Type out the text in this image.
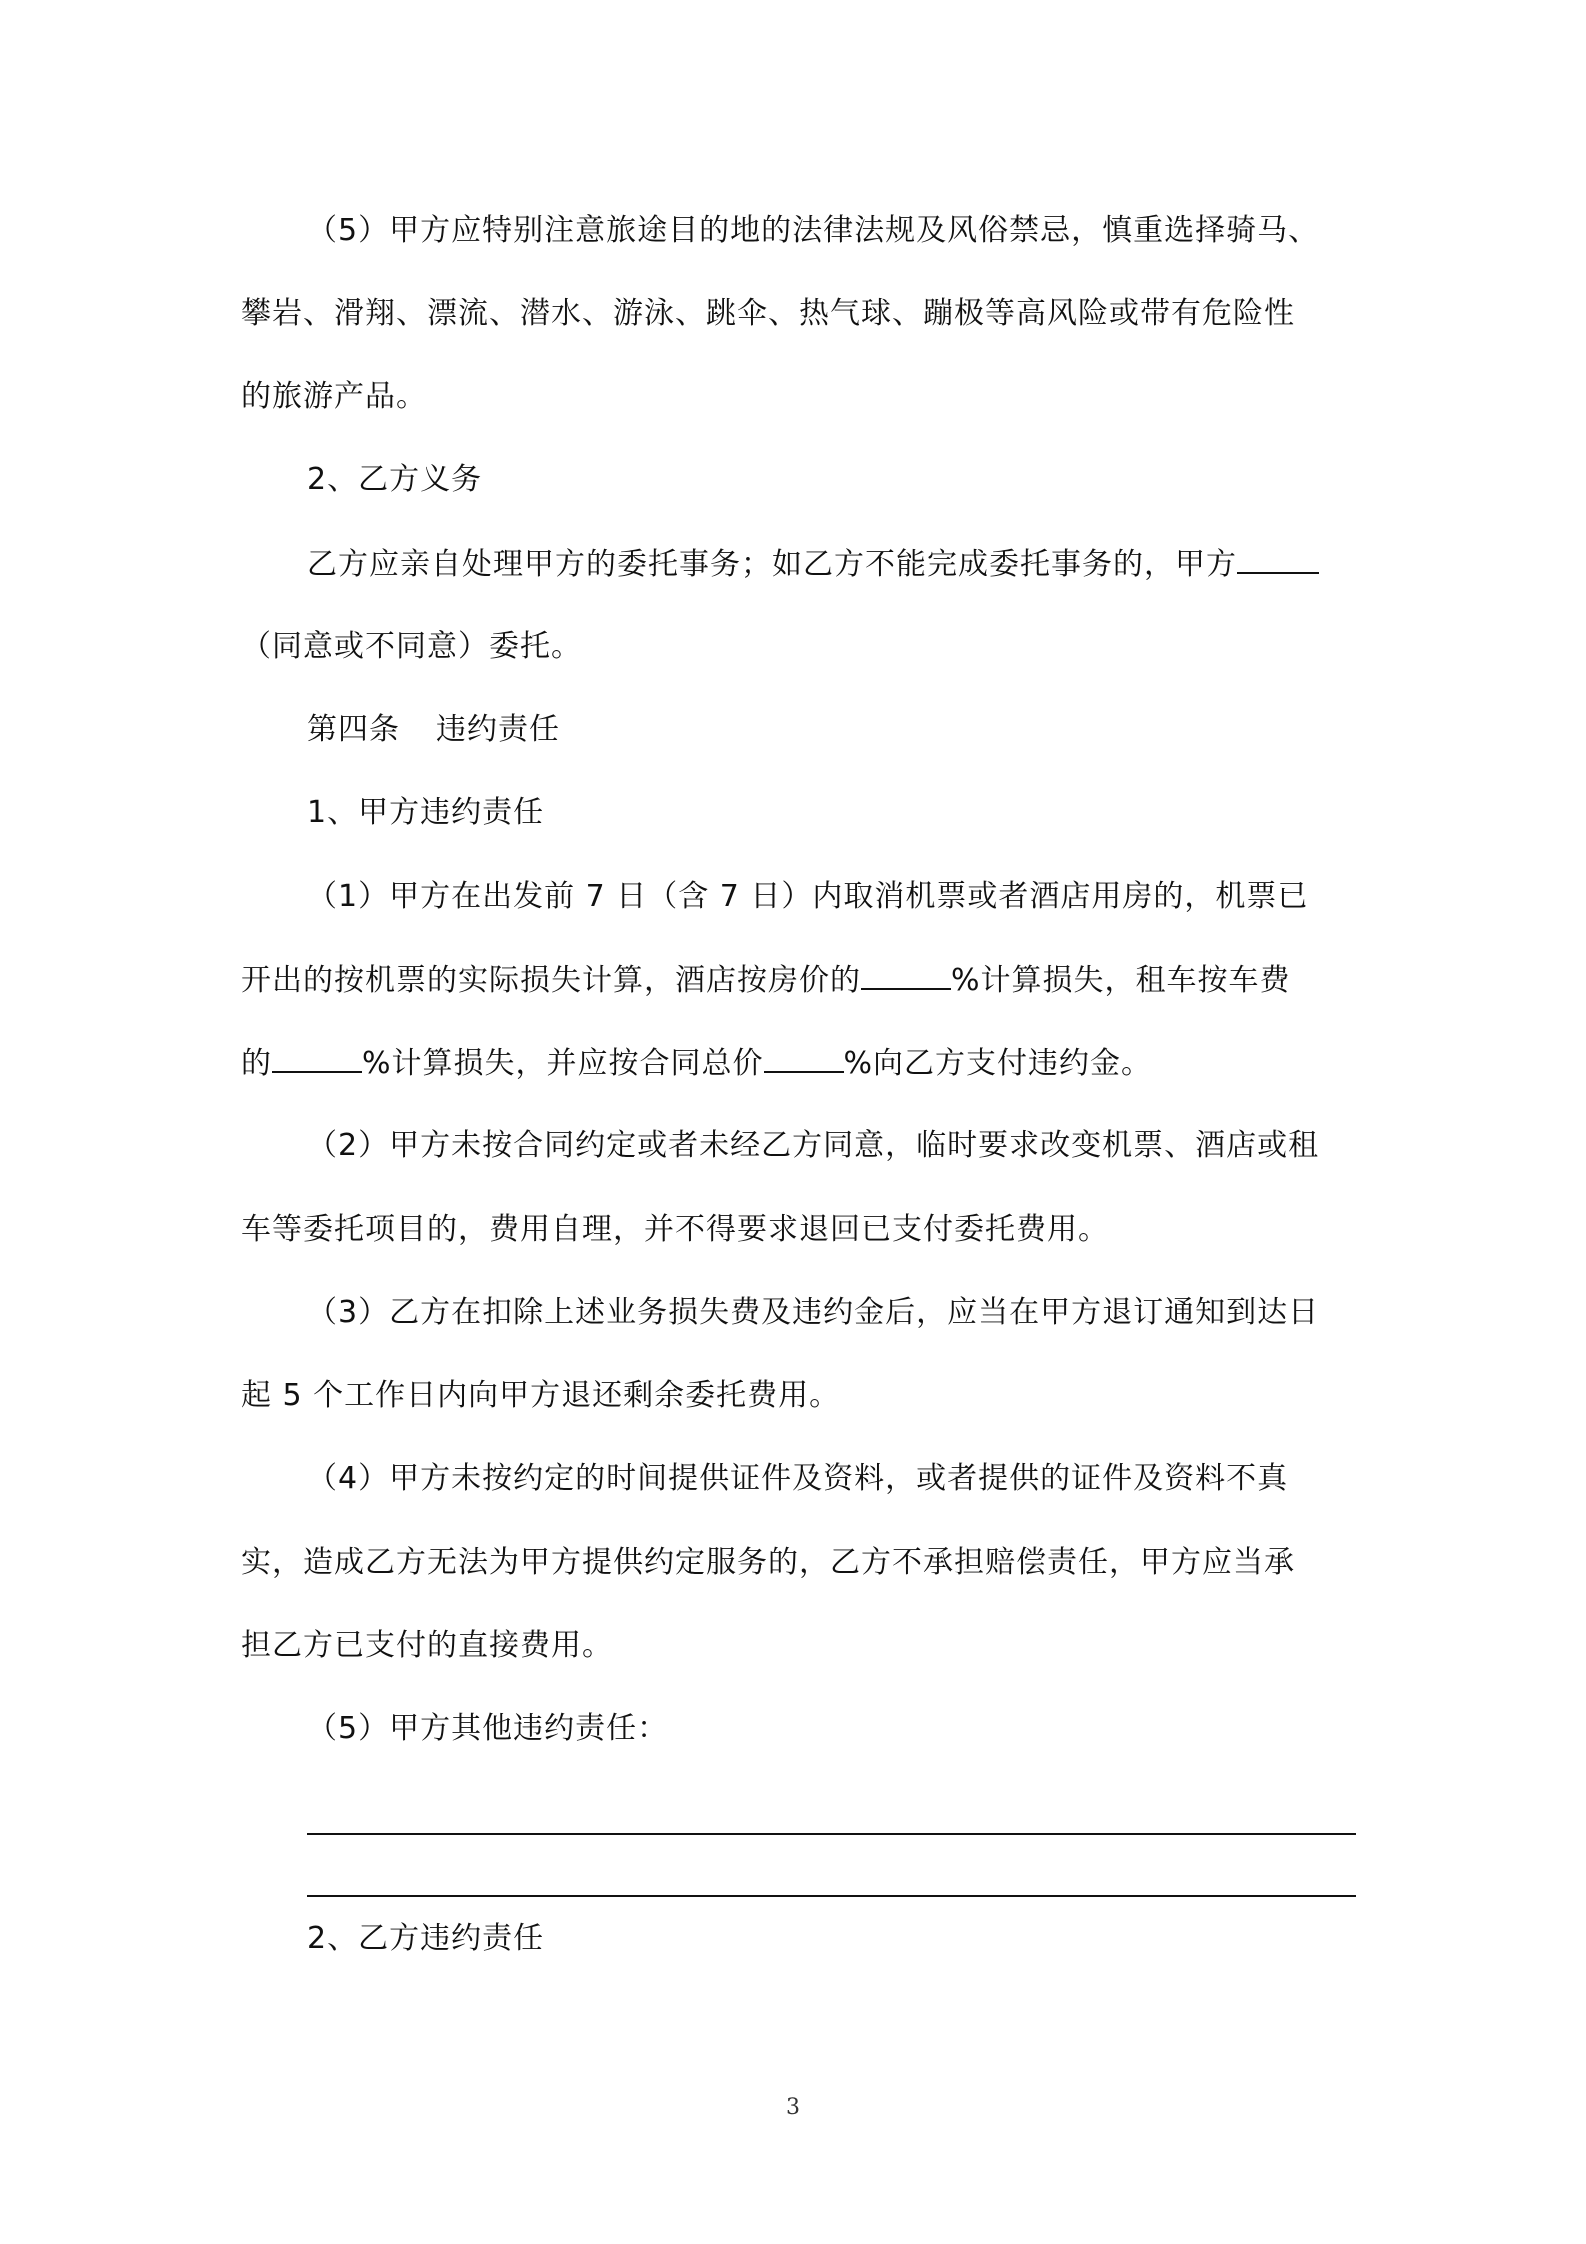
（5）甲方应特别注意旅途目的地的法律法规及风俗禁忌，慎重选择骑马、
攀岩、滑翔、漂流、潜水、游泳、跳伞、热气球、蹦极等高风险或带有危险性
的旅游产品。
2、乙方义务
乙方应亲自处理甲方的委托事务；如乙方不能完成委托事务的，甲方
（同意或不同意）委托。
第四条 违约责任
1、甲方违约责任
（1）甲方在出发前 7 日（含 7 日）内取消机票或者酒店用房的，机票已
开出的按机票的实际损失计算，酒店按房价的	%计算损失，租车按车费
的	%计算损失，并应按合同总价	%向乙方支付违约金。
（2）甲方未按合同约定或者未经乙方同意，临时要求改变机票、酒店或租
车等委托项目的，费用自理，并不得要求退回已支付委托费用。
（3）乙方在扣除上述业务损失费及违约金后，应当在甲方退订通知到达日
起 5 个工作日内向甲方退还剩余委托费用。
（4）甲方未按约定的时间提供证件及资料，或者提供的证件及资料不真
实，造成乙方无法为甲方提供约定服务的，乙方不承担赔偿责任，甲方应当承
担乙方已支付的直接费用。
（5）甲方其他违约责任：
2、乙方违约责任
3
